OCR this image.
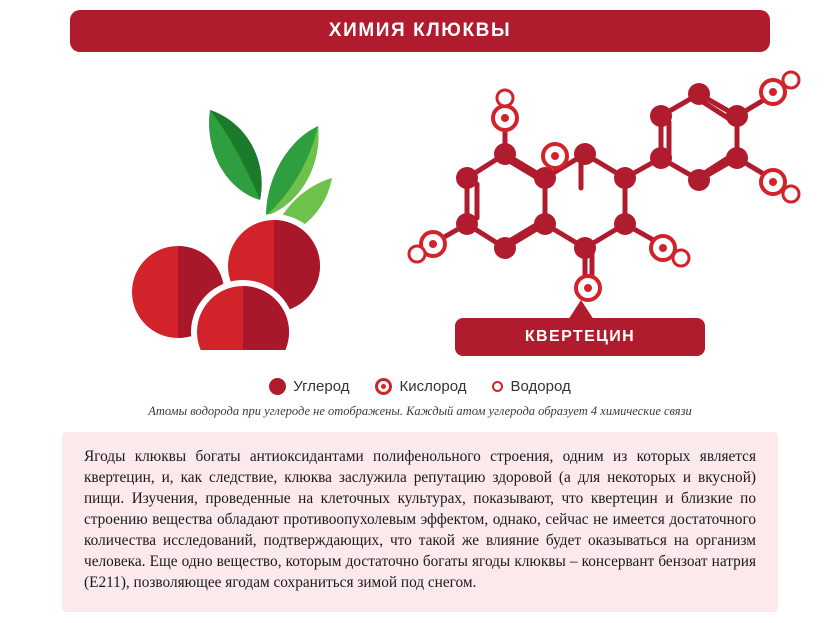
ХИМИЯ КЛЮКВЫ
КВЕРТЕЦИН
Углерод	Кислород	Водород
Атомы водорода при углероде не отображены. Каждый атом углерода образует 4 химические связи

Ягоды клюквы богаты антиоксидантами полифенольного строения, одним из которых является квертецин, и, как следствие, клюква заслужила репутацию здоровой (а для некоторых и вкусной) пищи. Изучения, проведенные на клеточных культурах, показывают, что квертецин и близкие по строению вещества обладают противоопухолевым эффектом, однако, сейчас не имеется достаточного количества исследований, подтверждающих, что такой же влияние будет оказываться на организм человека. Еще одно вещество, которым достаточно богаты ягоды клюквы – консервант бензоат натрия (Е211), позволяющее ягодам сохраниться зимой под снегом.
